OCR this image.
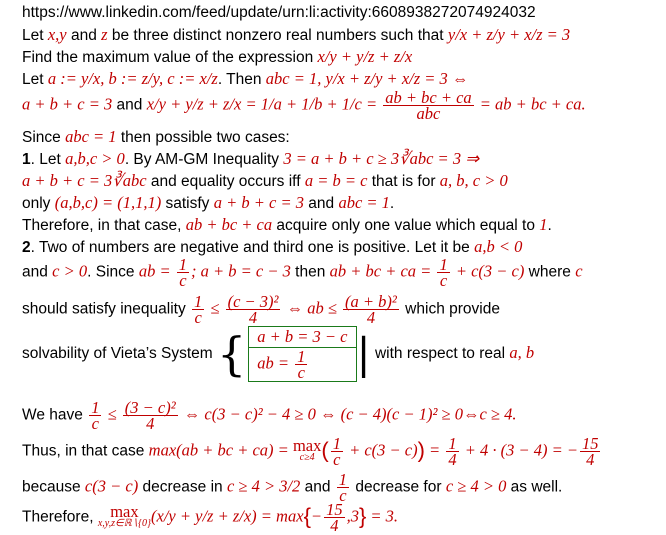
https://www.linkedin.com/feed/update/urn:li:activity:6608938272074924032
Let x,y and z be three distinct nonzero real numbers such that y/x + z/y + x/z = 3
Find the maximum value of the expression x/y + y/z + z/x
Let a := y/x, b := z/y, c := x/z. Then abc = 1, y/x + z/y + x/z = 3 ⇔
a + b + c = 3 and $x/y + y/z + z/x = 1/a + 1/b + 1/c = \frac{ab + bc + ca}{\text{abc}}$ = ab + bc + ca.
Since abc = 1 then possible two cases:
1. Let a,b,c > 0. By AM-GM Inequality 3 = a + b + c ≥ 3∛abc = 3 ⇒
a + b + c = 3∛abc and equality occurs iff a = b = c that is for a, b, c > 0
only (a,b,c) = (1,1,1) satisfy a + b + c = 3 and abc = 1.
Therefore, in that case, ab + bc + ca acquire only one value which equal to 1.
2. Two of numbers are negative and third one is positive. Let it be a,b < 0
and c > 0. Since ab = $\frac{1}{c}$ ; a + b = c − 3 then ab + bc + ca = $\frac{1}{c} + c(3 - c)$ where c
should satisfy inequality $\frac{1}{c} \le \frac{\text{(c − 3)²}}{4}$ ⇔ ab ≤ $\frac{\text{(a + b)²}}{4}$ which provide
solvability of Vieta’s System { $\frac{a + b = 3 - c}{ab = \frac{1}{c}}$ | with respect to real a, b
We have $\frac{1}{c} \le \frac{\text{(3 − c)²}}{4}$ ⇔ c(3 − c)² − 4 ≥ 0 ⇔ (c − 4)(c − 1)² ≥ 0⇔c ≥ 4.
Thus, in that case max(ab + bc + ca) = max
c≥4 ( $\frac{1}{c} + c(3 - c)) = \frac{1}{4} + 4 \cdot (3 - 4)$ = − $\frac{15}{4}$
because c(3 − c) decrease in c ≥ 4 > 3/2 and $\frac{1}{c}$ decrease for c ≥ 4 > 0 as well.
Therefore, max
x,y,z∈ℝ∖{0} $(x/y + y/z + z/x) = \max\{- \frac{15}{4} ,3\} = 3$.
